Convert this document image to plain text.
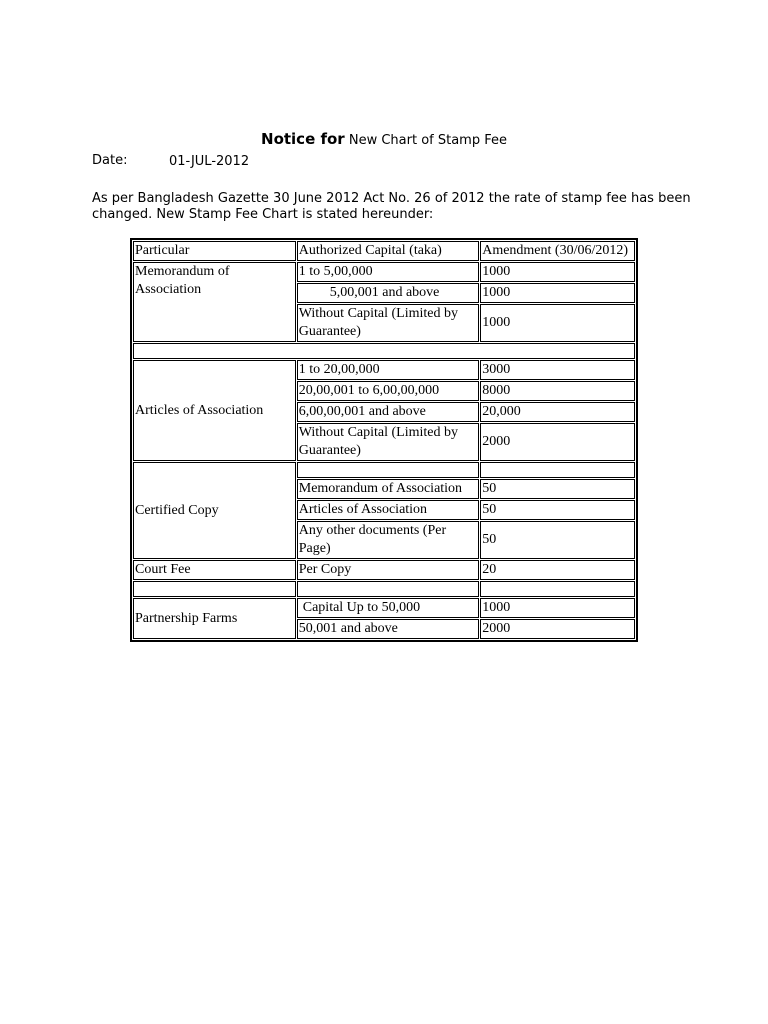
Notice for New Chart of Stamp Fee
Date:	01-JUL-2012
As per Bangladesh Gazette 30 June 2012 Act No. 26 of 2012 the rate of stamp fee has been changed. New Stamp Fee Chart is stated hereunder:
Particular	Authorized Capital (taka)	Amendment (30/06/2012)
Memorandum of Association	1 to 5,00,000	1000
	5,00,001 and above	1000
	Without Capital (Limited by Guarantee)	1000

Articles of Association	1 to 20,00,000	3000
	20,00,001 to 6,00,00,000	8000
	6,00,00,001 and above	20,000
	Without Capital (Limited by Guarantee)	2000
Certified Copy		
	Memorandum of Association	50
	Articles of Association	50
	Any other documents (Per Page)	50
Court Fee	Per Copy	20

Partnership Farms	Capital Up to 50,000	1000
	50,001 and above	2000
